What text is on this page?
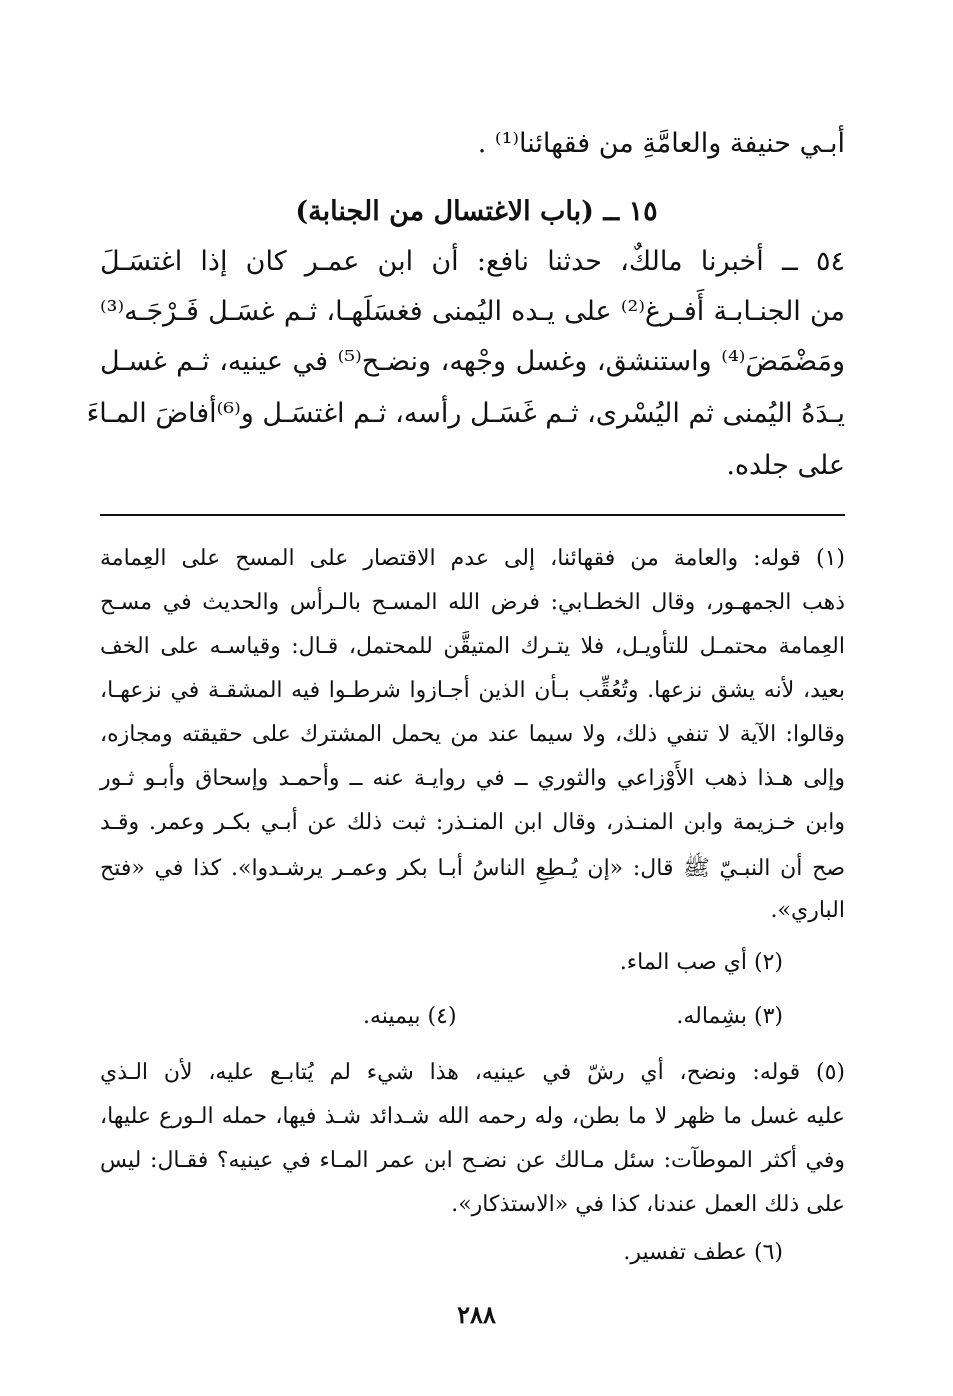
أبـي حنيفة والعامَّةِ من فقهائنا⁽¹⁾ .
١٥ ــ (باب الاغتسال من الجنابة)
٥٤ ــ أخبرنا مالكٌ، حدثنا نافع: أن ابن عمـر كان إذا اغتسَـلَ
من الجنـابـة أَفـرغ⁽²⁾ على يـده اليُمنى فغسَلَهـا، ثـم غسَـل فَـرْجَـه⁽³⁾
ومَضْمَضَ⁽⁴⁾ واستنشق، وغسل وجْهه، ونضـح⁽⁵⁾ في عينيه، ثـم غسـل
يـدَهُ اليُمنى ثم اليُسْرى، ثـم غَسَـل رأسه، ثـم اغتسَـل و⁽⁶⁾أفاضَ المـاءَ
على جلده.
(١) قوله: والعامة من فقهائنا، إلى عدم الاقتصار على المسح على العِمامة
ذهب الجمهـور، وقال الخطـابي: فرض الله المسـح بالـرأس والحديث في مسـح
العِمامة محتمـل للتأويـل، فلا يتـرك المتيقَّن للمحتمل، قـال: وقياسـه على الخف
بعيد، لأنه يشق نزعها. وتُعُقِّب بـأن الذين أجـازوا شرطـوا فيه المشقـة في نزعهـا،
وقالوا: الآية لا تنفي ذلك، ولا سيما عند من يحمل المشترك على حقيقته ومجازه،
وإلى هـذا ذهب الأَوْزاعي والثوري ــ في روايـة عنه ــ وأحمـد وإسحاق وأبـو ثـور
وابن خـزيمة وابن المنـذر، وقال ابن المنـذر: ثبت ذلك عن أبـي بكـر وعمر. وقـد
صح أن النبـيّ ﷺ قال: «إن يُـطِعِ الناسُ أبـا بكر وعمـر يرشـدوا». كذا في «فتح
الباري».
(٢) أي صب الماء.
(٣) بشِماله.
(٤) بيمينه.
(٥) قوله: ونضح، أي رشّ في عينيه، هذا شيء لم يُتابـع عليه، لأن الـذي
عليه غسل ما ظهر لا ما بطن، وله رحمه الله شـدائد شـذ فيها، حمله الـورع عليها،
وفي أكثر الموطآت: سئل مـالك عن نضـح ابن عمر المـاء في عينيه؟ فقـال: ليس
على ذلك العمل عندنا، كذا في «الاستذكار».
(٦) عطف تفسير.
٢٨٨
